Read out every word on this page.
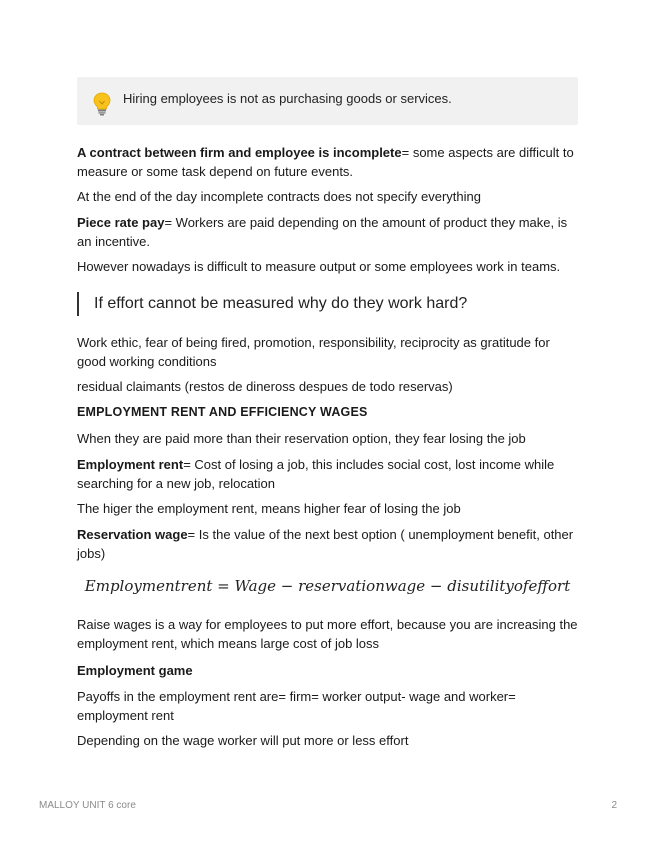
Hiring employees is not as purchasing goods or services.

A contract between firm and employee is incomplete= some aspects are difficult to measure or some task depend on future events.

At the end of the day incomplete contracts does not specify everything

Piece rate pay= Workers are paid depending on the amount of product they make, is an incentive.

However nowadays is difficult to measure output or some employees work in teams.

If effort cannot be measured why do they work hard?

Work ethic, fear of being fired, promotion, responsibility, reciprocity as gratitude for good working conditions

residual claimants (restos de dineross despues de todo reservas)

EMPLOYMENT RENT AND EFFICIENCY WAGES

When they are paid more than their reservation option, they fear losing the job

Employment rent= Cost of losing a job, this includes social cost, lost income while searching for a new job, relocation

The higer the employment rent, means higher fear of losing the job

Reservation wage= Is the value of the next best option ( unemployment benefit, other jobs)

Employmentrent = Wage − reservationwage − disutilityofeffort

Raise wages is a way for employees to put more effort, because you are increasing the employment rent, which means large cost of job loss

Employment game

Payoffs in the employment rent are= firm= worker output- wage and worker= employment rent

Depending on the wage worker will put more or less effort

MALLOY UNIT 6 core	2
